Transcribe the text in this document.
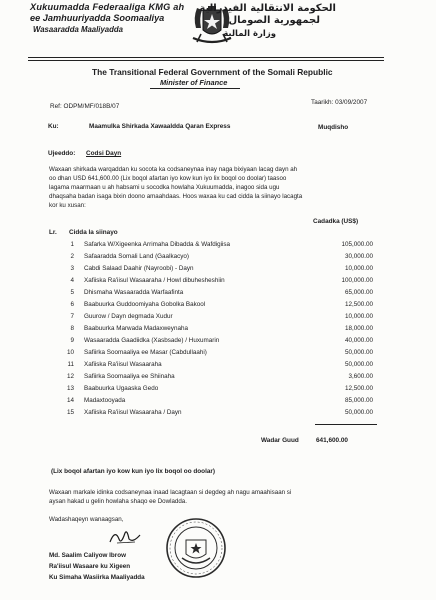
Xukuumadda Federaaliga KMG ah
ee Jamhuuriyadda Soomaaliya
Wasaaradda Maaliyadda
الحكومة الانتقالية الفيدرالية
لجمهورية الصومال
وزارة المالية
The Transitional Federal Government of the Somali Republic
Minister of Finance
Ref: ODPM/MF/018B/07
Taarikh: 03/09/2007
Ku:	Maamulka Shirkada Xawaaldda Qaran Express	Muqdisho
Ujeeddo: Codsi Dayn
Waxaan shirkada warqaddan ku socota ka codsaneynaa inay naga bixiyaan lacag dayn ah
oo dhan USD 641,600.00 (Lix boqol afartan iyo kow kun iyo lix boqol oo doolar) taasoo
lagama maarmaan u ah habsami u socodka howlaha Xukuumadda, inagoo sida ugu
dhaqsaha badan isaga bixin doono amaahdaas. Hoos waxaa ku cad cidda la siinayo lacagta
kor ku xusan:
Cadadka (US$)
Lr. Cidda la siinayo
1 Safarka W/Xigeenka Arrimaha Dibadda & Wafdigiisa	105,000.00
2 Safaaradda Somali Land (Gaalkacyo)	30,000.00
3 Cabdi Salaad Daahir (Nayroobi) - Dayn	10,000.00
4 Xafiiska Ra'iisul Wasaaraha / Howl dibuhesheshiin	100,000.00
5 Dhismaha Wasaaradda Warfaafinta	65,000.00
6 Baabuurka Guddoomiyaha Gobolka Bakool	12,500.00
7 Guurow / Dayn degmada Xudur	10,000.00
8 Baabuurka Marwada Madaxweynaha	18,000.00
9 Wasaaradda Gaadiidka (Xasbsade) / Huxumarin	40,000.00
10 Safiirka Soomaaliya ee Masar (Cabdullaahi)	50,000.00
11 Xafiiska Ra'iisul Wasaaraha	50,000.00
12 Safiirka Soomaaliya ee Shiinaha	3,600.00
13 Baabuurka Ugaaska Gedo	12,500.00
14 Madaxtooyada	85,000.00
15 Xafiiska Ra'iisul Wasaaraha / Dayn	50,000.00
Wadar Guud	641,600.00
(Lix boqol afartan iyo kow kun iyo lix boqol oo doolar)
Waxaan markale idinka codsaneynaa inaad lacagtaan si degdeg ah nagu amaahisaan si
aysan hakad u gelin howlaha shaqo ee Dowladda.
Wadashaqeyn wanaagsan,
Md. Saalim Caliyow Ibrow
Ra'iisul Wasaare ku Xigeen
Ku Simaha Wasiirka Maaliyadda
